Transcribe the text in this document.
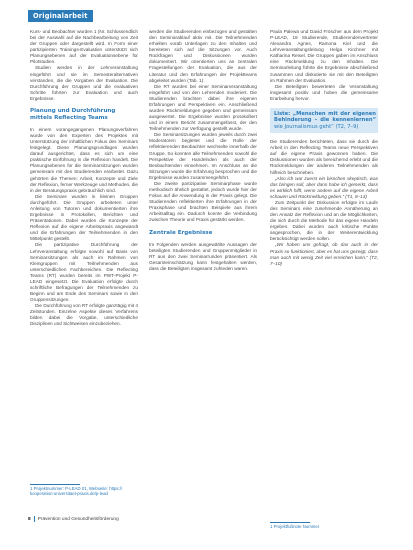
Originalarbeit

Kurs- und Beobachter wurden 1 (Nr. Schlussendlich bei der Auswahl auf die Nachbearbeitung von Zeit der Gruppen oder dargestellt wird. In Form einer partizipierten Trainings-Evaluation unterstützt sich Planungsebenen auf der Evaluationsebene für Pilotstudien.

Studien werden in der Lehrveranstaltung eingeführt und sie im Semesteralternativen verstanden, die die Vorgaben der Evaluation. Die Durchführung der Gruppen und die evaluativen Schritte führten zur Evaluation und auch Ergebnisse.

Planung und Durchführung
mittels Reflecting Teams

In einem vorangegangenen Planungsverfahren wurde von den Experten des Projektes mit Unterstützung der inhaltlichen Fokus des Seminars festgelegt. Diese Planungsgrundlagen wurden darauf ausgerichtet, dass es sich um eine praktische Einführung in die Reflexion handelt. Die Planungsebenen für die Seminarsitzungen wurden gemeinsam mit den Studierenden erarbeitet. Dazu gehörten die Themen: Arbeit, Konzepte und Ziele der Reflexion, ferner Werkzeuge und Methoden, die in der Beratungspraxis gebräuchlich sind.

Die Seminare wurden in kleinen Gruppen durchgeführt. Die Gruppen arbeiteten unter Anleitung von Tutoren und dokumentierten ihre Ergebnisse in Protokollen, Berichten und Präsentationen. Dabei wurden die Konzepte der Reflexion auf die eigene Arbeitspraxis angewandt und die Erfahrungen der Teilnehmenden in den Mittelpunkt gestellt.

Die partizipative Durchführung der Lehrveranstaltung erfolgte sowohl auf Basis von Seminarsitzungen als auch im Rahmen von Kleingruppen mit Teilnehmenden aus unterschiedlichen Fachbereichen. Die Reflecting Teams (RT) wurden bereits im PWT-Projekt P-LEAD eingesetzt. Die Evaluation erfolgte durch schriftliche Befragungen der Teilnehmenden zu Beginn und am Ende des Seminars sowie in den Gruppensitzungen.

Die Durchführung von RT erfolgte ganztägig mit 4 Zeitstunden. Einzelne Aspekte dieses Verfahrens bilden dabei die Vorgabe, unterschiedliche Disziplinen und Sichtweisen einzubeziehen.

werden die Studierenden einbezogen und gestalten den Seminarablauf aktiv mit. Die Teilnehmenden erhielten vorab Unterlagen zu den Inhalten und bereiteten sich auf die Sitzungen vor. Auch Rückfragen und Diskussionen wurden dokumentiert. Wir orientierten uns an zentralen Fragestellungen der Evaluation, die aus der Literatur und den Erfahrungen der Projektteams abgeleitet wurden (Tab. 1).

Die RT wurden bei einer Seminarveranstaltung eingeführt und von den Lehrenden moderiert. Die Studierenden brachten dabei ihre eigenen Erfahrungen und Perspektiven ein. Anschließend wurden Rückmeldungen gegeben und gemeinsam ausgewertet. Die Ergebnisse wurden protokolliert und in einem Bericht zusammengefasst, der den Teilnehmenden zur Verfügung gestellt wurde.

Die Seminarsitzungen wurden jeweils durch zwei Moderatoren begleitet und die Rolle der reflektierenden Beobachter wechselte innerhalb der Gruppe. So konnten alle Teilnehmenden sowohl die Perspektive der Handelnden als auch der Beobachtenden einnehmen. Im Anschluss an die Sitzungen wurde die Erfahrung besprochen und die Ergebnisse wurden zusammengeführt.

Die zweite partizipative Seminarphase wurde methodisch ähnlich gestaltet, jedoch wurde hier der Fokus auf die Anwendung in der Praxis gelegt. Die Studierenden reflektierten ihre Erfahrungen in der Praxisphase und brachten Beispiele aus ihrem Arbeitsalltag ein. Dadurch konnte die Verbindung zwischen Theorie und Praxis gestärkt werden.

Zentrale Ergebnisse

Im Folgenden werden ausgewählte Aussagen der beteiligten Studierenden und Gruppenmitglieder in RT aus den zwei Seminarrunden präsentiert. Als Gesamteinschätzung kann festgehalten werden, dass die Beteiligten insgesamt zufrieden waren.

Paula Palewa und David Fröscher aus dem Projekt P-LEAD, 19 Studierende, Studierendenvertreter Alexandra Agnes, Ramona Kiel und die Lehrveranstaltungsleitung Helga Kirchner mit Katharina Reisel. Die Gruppen gaben im Anschluss eine Rückmeldung zu den Inhalten. Die Seminarleitung führte die Ergebnisse abschließend zusammen und diskutierte sie mit den Beteiligten im Rahmen der Evaluation.

Die Beteiligten bewerteten die Veranstaltung insgesamt positiv und hoben die gemeinsame Erarbeitung hervor.

Liste: „Menschen mit der eigenen Behinderung – die kennenlernen“ wie Journalismus geht“ (T2, 7–9)

Die Studierenden berichteten, dass sie durch die Arbeit in den Reflecting Teams neue Perspektiven auf die eigene Praxis gewonnen haben. Die Diskussionen wurden als bereichernd erlebt und die Rückmeldungen der anderen Teilnehmenden als hilfreich beschrieben.

„Also ich war zuerst ein bisschen skeptisch, was das bringen soll, aber dann habe ich gemerkt, dass es wirklich hilft, wenn andere auf die eigene Arbeit schauen und Rückmeldung geben.“ (T1, 8–13)

Zum Zeitpunkt der Diskussion erfolgte im Laufe des Seminars eine zunehmende Annäherung an den Ansatz der Reflexion und an die Möglichkeiten, die sich durch die Methode für das eigene Handeln ergeben. Dabei wurden auch kritische Punkte angesprochen, die in der Weiterentwicklung berücksichtigt werden sollen.

„Wir haben uns gefragt, ob das auch in der Praxis so funktioniert, aber es hat uns gezeigt, dass man auch mit wenig Zeit viel erreichen kann.“ (T2, 7–10)

1 Projektnummer: P-LEAD 01, Webseite: https://
kooperation-universitaet-praxis.de/p-lead
1 Projektfußnote Nummer
8 Prävention und Gesundheitsförderung
